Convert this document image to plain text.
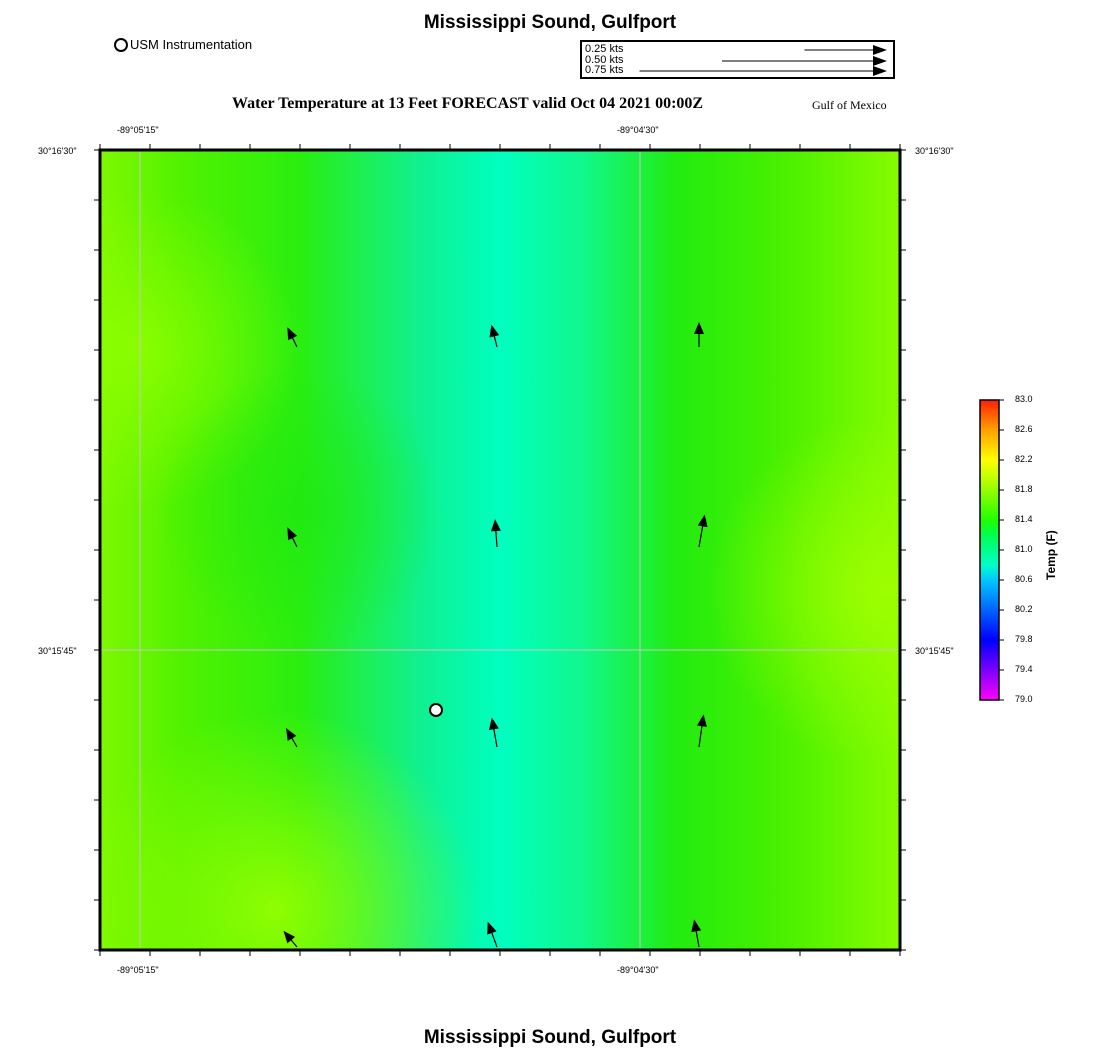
Mississippi Sound, Gulfport
USM Instrumentation	0.25 kts
0.50 kts
0.75 kts
Water Temperature at 13 Feet FORECAST valid Oct 04 2021 00:00Z	Gulf of Mexico
-89°05'15"	-89°04'30"
-89°05'15"	-89°04'30"
30°16'30"
30°15'45"
30°16'30"
30°15'45"
83.0
82.6
82.2
81.8
81.4
81.0
80.6
80.2
79.8
79.4
79.0
Temp (F)
Mississippi Sound, Gulfport
